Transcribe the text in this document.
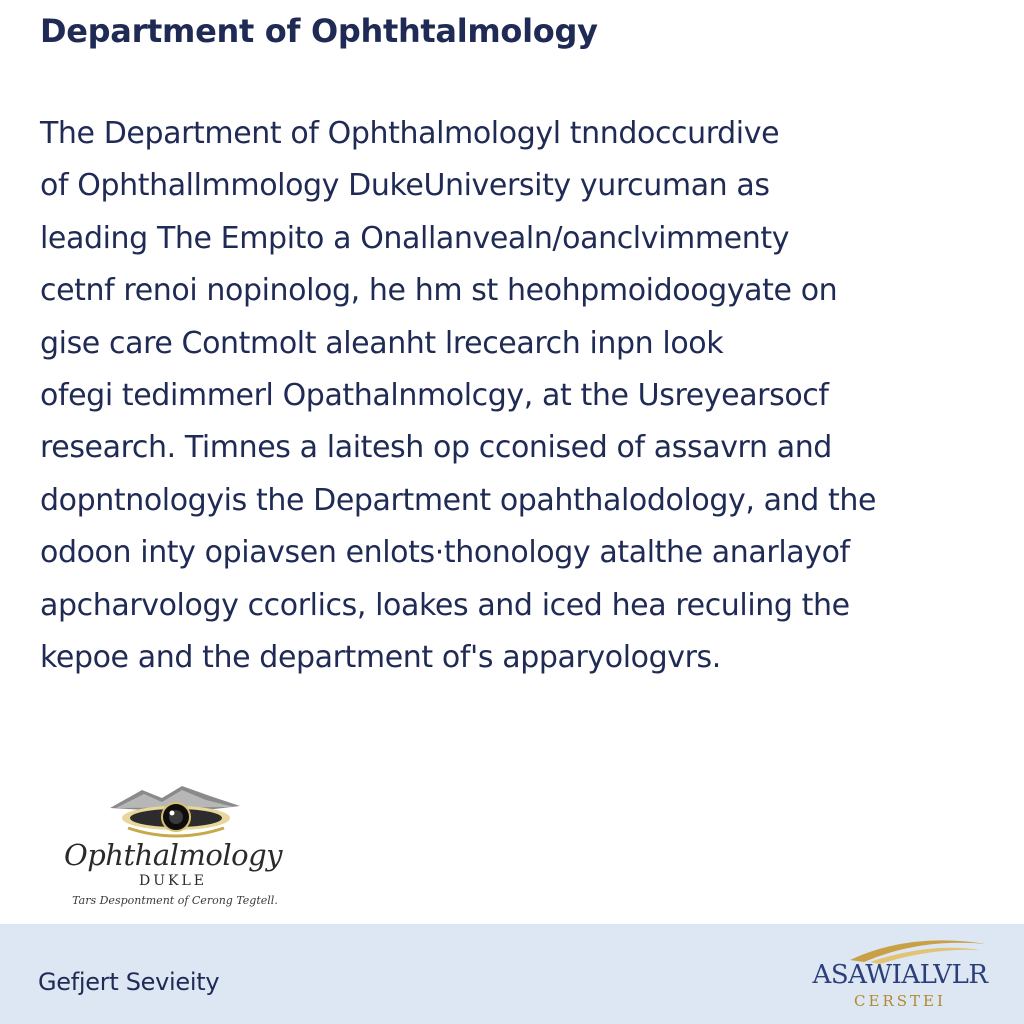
Department of Ophthtalmology
The Department of Ophthalmologyl tnndoccurdive
of Ophthallmmology DukeUniversity yurcuman as
leading The Empito a Onallanvealn/oanclvimmenty
cetnf renoi nopinolog, he hm st heohpmoidoogyate on
gise care Contmolt aleanht lrecearch inpn look
ofegi tedimmerl Opathalnmolcgy, at the Usreyearsocf
research. Timnes a laitesh op cconised of assavrn and
dopntnologyis the Department opahthalodology, and the
odoon inty opiavsen enlots·thonology atalthe anarlayof
apcharvology ccorlics, loakes and iced hea reculing the
kepoe and the department of's apparyologvrs.
Ophthalmology
DUKLE
Tars Despontment of Cerong Tegtell.
Gefjert Sevieity	ASAWIALVLR
CERSTEI
